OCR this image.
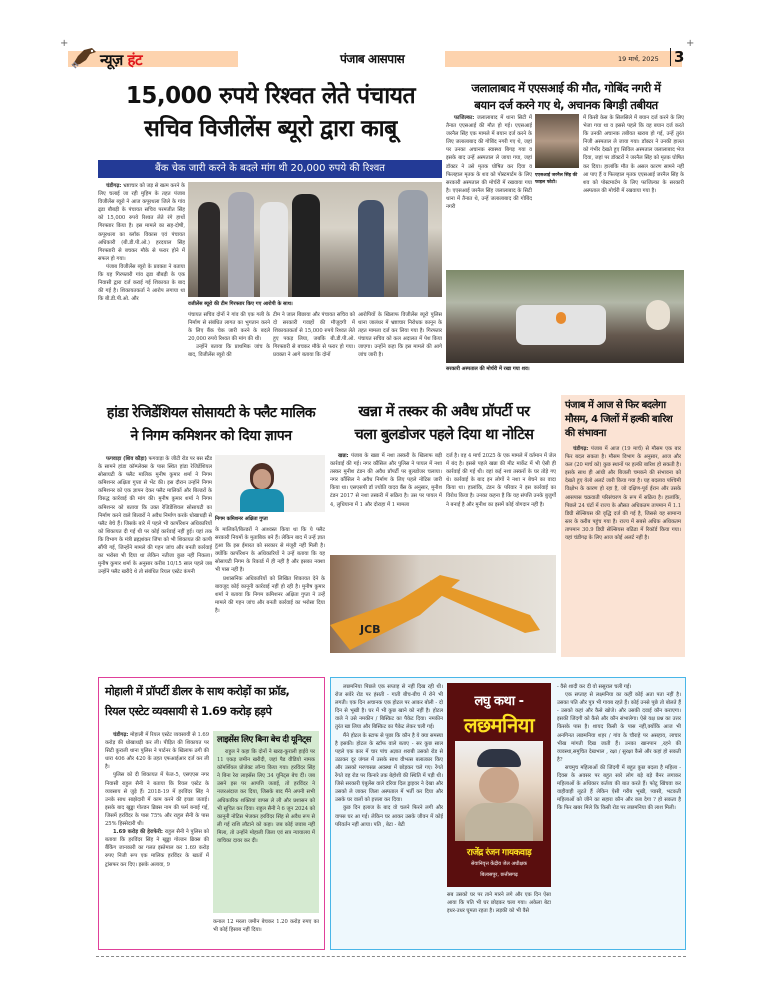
+	+
न्यूज़ हंट	पंजाब आसपास	19 मार्च, 2025 3
15,000 रुपये रिश्वत लेते पंचायत
सचिव विजीलेंस ब्यूरो द्वारा काबू
बैंक चेक जारी करने के बदले मांग थी 20,000 रुपये की रिश्वत

चंडीगढ़: भ्रष्टाचार को जड़ से खत्म करने के लिए चलाई जा रही मुहिम के तहत पंजाब विजीलेंस ब्यूरो ने आज कपूरथला जिले के गांव ढ्डा बौबड़ी के पंचायत सचिव परमजीत सिंह को 15,000 रुपये रिश्वत लेते रंगे हाथों गिरफ्तार किया है। इस मामले का सह-दोषी, कपूरथला का ब्लॉक विकास एवं पंचायत अधिकारी (बी.डी.पी.ओ.) हरदयाल सिंह गिरफ्तारी से बचकर मौके से फरार होने में सफल हो गया।

पंजाब विजीलेंस ब्यूरो के प्रवक्ता ने बताया कि यह गिरफ्तारी गांव ढ्डा बौबड़ी के एक निवासी द्वारा दर्ज कराई गई शिकायत के बाद की गई है। शिकायतकर्ता ने आरोप लगाया था कि बी.डी.पी.ओ. और

वजीलेंस ब्यूरो की टीम गिरफ्तार किए गए आरोपी के साथ।

पंचायत सचिव दोनों ने गांव की एक गली के निर्माण से संबंधित लागत का भुगतान करने के लिए बैंक चेक जारी करने के बदले 20,000 रुपये रिश्वत की मांग की थी।

उन्होंने बताया कि प्राथमिक जांच के बाद, विजीलेंस ब्यूरो की

टीम ने जाल बिछाया और पंचायत सचिव को दो सरकारी गवाहों की मौजूदगी में शिकायतकर्ता से 15,000 रुपये रिश्वत लेते हुए पकड़ लिया, जबकि बी.डी.पी.ओ. गिरफ्तारी से बचकर मौके से फरार हो गया। प्रवक्ता ने आगे बताया कि दोनों

आरोपियों के खिलाफ विजीलेंस ब्यूरो पुलिस थाना जालंधर में भ्रष्टाचार निरोधक कानून के तहत मामला दर्ज कर लिया गया है। गिरफ्तार पंचायत सचिव को कल अदालत में पेश किया जाएगा। उन्होंने कहा कि इस मामले की आगे जांच जारी है।

जलालाबाद में एएसआई की मौत, गोबिंद नगरी में
बयान दर्ज करने गए थे, अचानक बिगड़ी तबीयत

फाजिल्का: जलालाबाद में थाना सिटी में तैनात एएसआई की मौत हो गई। एएसआई जरनैल सिंह एक मामले में बयान दर्ज करने के लिए जलालाबाद की गोबिंद नगरी गए थे, जहां पर उनका अचानक स्वास्थ्य बिगड़ गया व इसके बाद उन्हें अस्पताल ले जाया गया, जहां डॉक्टर ने उसे मृतक घोषित कर दिया व फिलहाल मृतक के शव को पोस्टमार्टम के लिए सरकारी अस्पताल की मोर्चरी में रखवाया गया है। एएसआई जरनैल सिंह जलालाबाद के सिटी थाना में तैनात थे, उन्हें जलालाबाद की गोबिंद नगरी

एएसआई जरनैल सिंह की फाइल फोटो।

में किसी केस के सिलसिले में बयान दर्ज करने के लिए भेजा गया था व इससे पहले कि वह बयान दर्ज करते कि उनकी अचानक तबीयत खराब हो गई, उन्हें तुरंत निजी अस्पताल ले जाया गया। डॉक्टर ने उनकी हालत को गंभीर देखते हुए सिविल अस्पताल जलालाबाद भेज दिया, जहां पर डॉक्टरों ने जरनैल सिंह को मृतक घोषित कर दिया। हालांकि मौत के असल कारण सामने नहीं आ पाए हैं व फिलहाल मृतक एएसआई जरनैल सिंह के शव को पोस्टमार्टम के लिए फाजिल्का के सरकारी अस्पताल की मोर्चरी में रखवाया गया है।

सरकारी अस्पताल की मोर्चरी में रखा गया शव।
हांडा रेजिडेंशियल सोसायटी के फ्लैट मालिक
ने निगम कमिशनर को दिया ज्ञापन

फगवाड़ा (शिव कौड़ा) फगवाड़ा के जीटी रोड पर बस स्टैंड के सामने हांडा कॉम्प्लेक्स के पास स्थित हांडा रेजिडेंशियल सोसायटी के फ्लैट मालिक मुनीष कुमार शर्मा ने निगम कमिशनर अक्षिता गुप्ता से भेंट की। इस दौरान उन्होंने निगम कमिशनर को एक ज्ञापन देकर फ्लैट मालिकों और बिल्डरों के विरुद्ध कार्रवाई की मांग की। मुनीष कुमार शर्मा ने निगम कमिशनर को बताया कि उक्त रेजिडेंशियल सोसायटी का निर्माण करने वाले बिल्डरों ने अवैध निर्माण करके धोखाधड़ी से फ्लैट बेचे हैं। जिसके बारे में पहले भी कार्पोरेशन अधिकारियों को शिकायत दी गई थी पर कोई कार्रवाई नहीं हुई। यहां तक कि विभाग के मंत्री ब्रह्मशंकर जिंपा को भी शिकायत की कापी सौंपी गई, जिन्होंने मामले की गहन जांच और बनती कार्रवाई का भरोसा भी दिया था लेकिन नतीजा कुछ नहीं निकला। मुनीष कुमार शर्मा के अनुसार करीब 10/15 साल पहले जब उन्होंने फ्लैट खरीदे थे तो संबंधित रियल एस्टेट कंपनी

निगम कमिशनर अक्षिता गुप्ता

के मालिकों/बिल्डरों ने आश्वस्त किया था कि ये फ्लैट सरकारी नियमों के मुताबिक बने हैं। लेकिन बाद में उन्हें ज्ञात हुआ कि इस ईमारत को सरकार से मंजूरी नहीं मिली है। क्योंकि कार्पोरेशन के अधिकारियों ने उन्हें बताया कि यह सोसायटी निगम के रिकार्ड में ही नहीं है और इसका नक्शा भी पास नहीं है।

प्रशासनिक अधिकारियों को लिखित शिकायत देने के बावजूद कोई कानूनी कार्रवाई नहीं हो रही है। मुनीष कुमार शर्मा ने बताया कि निगम कमिशनर अक्षिता गुप्ता ने उन्हें मामले की गहन जांच और बनती कार्रवाई का भरोसा दिया है।

खन्ना में तस्कर की अवैध प्रॉपर्टी पर
चला बुलडोजर पहले दिया था नोटिस

खन्ना: पंजाब के खन्ना में नशा तस्करी के खिलाफ बड़ी कार्रवाई की गई। नगर कौंसिल और पुलिस ने पायल में नशा तस्कर मुनीश टंडन की अवैध प्रॉपर्टी पर बुलडोजर चलाया। नगर कौंसिल ने अवैध निर्माण के लिए पहले नोटिस जारी किया था। एसएसपी डॉ ज्योति यादव बैंस के अनुसार, मुनीश टंडन 2017 से नशा तस्करी में सक्रिय है। उस पर पायल में 4, लुधियाना में 1 और दोराहा में 1 मामला

दर्ज है। वह 4 मार्च 2025 के एक मामले में वर्तमान में जेल में बंद है। इससे पहले खन्ना की मीट मार्केट में भी ऐसी ही कार्रवाई की गई थी। वहां कई नशा तस्करों के घर तोड़े गए थे। कार्रवाई के बाद इन लोगों ने नशा न बेचने का वादा किया था। हालांकि, टंडन के परिवार ने इस कार्रवाई का विरोध किया है। उनका कहना है कि यह संपत्ति उनके बुजुर्गों ने बनाई है और मुनीश का इसमें कोई योगदान नहीं है।

JCB
पंजाब में आज से फिर बदलेगा मौसम, 4 जिलों में हल्की बारिश की संभावना

चंडीगढ़: पंजाब में आज (19 मार्च) से मौसम एक बार फिर बदल सकता है। मौसम विभाग के अनुसार, आज और कल (20 मार्च को) कुछ स्थानों पर हल्की बारिश हो सकती है। इसके साथ ही आंधी और बिजली चमकने की संभावना को देखते हुए येलो अलर्ट जारी किया गया है। यह बदलाव पश्चिमी विक्षोभ के कारण हो रहा है, जो दक्षिण-पूर्व ईरान और उसके आसपास चक्रवाती परिसंचरण के रूप में सक्रिय है। हालांकि, पिछले 24 घंटों में राज्य के औसत अधिकतम तापमान में 1.1 डिग्री सेल्सियस की वृद्धि दर्ज की गई है, जिससे यह सामान्य स्तर के करीब पहुंच गया है। राज्य में सबसे अधिक अधिकतम तापमान 30.9 डिग्री सेल्सियस बठिंडा में रिकॉर्ड किया गया। यहां चंडीगढ़ के लिए आज कोई अलर्ट नहीं है।

मोहाली में प्रॉपर्टी डीलर के साथ करोड़ों का फ्रॉड,
रियल एस्टेट व्यवसायी से 1.69 करोड़ हड़पे

चंडीगढ़: मोहाली में रियल एस्टेट व्यवसायी से 1.69 करोड़ की धोखाधड़ी कर ली। पीड़ित की शिकायत पर सिटी कुराली थाना पुलिस ने पार्टनर के खिलाफ ठगी की धारा 406 और 420 के तहत एफआईआर दर्ज कर ली है।

पुलिस को दी शिकायत में फेज-5, एसएएस नगर निवासी राहुल सैनी ने बताया कि रियल एस्टेट के व्यवसाय से जुड़े हैं। 2018-19 में हरविंदर सिंह ने उनके साथ साझेदारी में काम करने की इच्छा जताई। इसके बाद खुड्डा गोल्डन ब्रिक्स नाम की फर्म बनाई गई, जिसमें हरविंदर के पास 75% और राहुल सैनी के पास 25% हिस्सेदारी थी।

1.69 करोड़ की हेराफेरी: राहुल सैनी ने पुलिस को बताया कि हरविंदर सिंह ने खुड्डा गोल्डन ब्रिक्स की बैंकिंग जानकारी का गलत इस्तेमाल कर 1.69 करोड़ रुपए निजी रूप एक मालिक हरविंदर के खातों में ट्रांसफर कर दिए। इसके अलावा, 9

लाइसेंस लिए बिना बेच दी यूनिट्स

राहुल ने कहा कि दोनों ने खरड़-कुराली हाईवे पर 11 एकड़ जमीन खरीदी, जहां पैड वीडियो नामक कॉमर्शियल प्रोजेक्ट लॉन्च किया गया। हरविंदर सिंह ने बिना रेरा लाइसेंस लिए 34 यूनिट्स बेच दीं। जब उसने इस पर आपत्ति जताई, तो हरविंदर ने नजरअंदाज कर दिया, जिसके बाद मैंने अपनी सभी अधिकारिक शक्तियां वापस ले ली और प्रशासन को भी सूचित कर दिया। राहुल सैनी ने 6 जून 2024 को कानूनी नोटिस भेजकर हरविंदर सिंह से अवैध रूप से ली गई राशि लौटाने को कहा। जब कोई जवाब नहीं मिला, तो उन्होंने मोहाली जिला एवं सत्र न्यायालय में याचिका दायर कर दी।

कनाल 12 मरला जमीन बेचकर 1.20 करोड़ रुपए का भी कोई हिसाब नहीं दिया।

लछमनिया पिछले एक सप्ताह से नहीं दिख रही थी। रोज सवेरे रोड पर हंसती - गाती बीच-बीच में रोने भी लगती। एक दिन अचानक एक होटल पर आकर बोली - दो दिन से भूखी है। घर में भी कुछ खाने को नहीं है। होटल वाले ने उसे नमकीन / बिस्किट का पैकेट दिया। नमकीन तुरंत खा लिया और बिस्किट का पैकेट लेकर चली गई।

मैंने होटल के स्टाफ से पूछा कि कौन है ये क्या समस्या है इसकी। होटल के स्टॉफ वाले बताए - सर कुछ साल पहले एक कार में चार पांच अज्ञात शराबी उसको रोड से उठाकर दूर जंगल में उसके साथ वीभत्स बलात्कार किए और उसको मरणासन्न अवस्था में छोड़कर चले गए। रेंगते रेंगते वह रोड पर किनारे तक बेहोशी की स्थिति में पड़ी थी। जिसे सरकारी एंबुलेंस वाले दरिया दिल ड्राइवर ने देखा और उसको ले जाकर जिला अस्पताल में भर्ती कर दिया और उसके घर वालों को इत्तला कर दिया।

कुछ दिन इलाज के बाद वो चलने फिरने लगी और वापस घर आ गई। लेकिन घर आकर उसके जीवन में कोई परिवर्तन नहीं आया। पति , बेटा - बेटी

लघु कथा -
लछमनिया
राजेंद्र रंजन गायकवाड़
सेवानिवृत्त केंद्रीय जेल अधीक्षक
बिलासपुर, छत्तीसगढ़

सब उसको घर पर ताने मारने लगे और एक दिन ऐसा आया कि पति भी घर छोड़कर चला गया। अकेला बेटा इधर-उधर घूमता रहता है। लड़की को भी वैसे

- वैसे शादी कर दी वो ससुराल चली गई।

एक सप्ताह से लक्ष्मनिया का कहीं कोई अता पता नहीं है। उसका पति और पुत्र भी गायब रहते हैं। कोई उनसे पूछे तो बोलते हैं - उसको कहां और कैसे खोजे। और उसकी दवाई कौन कराएगा। इसकी जिंदगी को कैसे और कौन संभालेगा। ऐसे यक्ष प्रश्न का उत्तर किसके पास है। शायद किसी के पास नहीं,क्योंकि आज भी अनगिनत लछमनिया शहर / गांव के चौराहे पर असहाय, लाचार भीख मांगती दिख जाती हैं। उनका खानपान ,रहने की व्यवस्था,समुचित देखभाल , रक्षा / सुरक्षा कैसे और कहां हो सकती है?

सचमुच महिलाओं की जिंदगी में बहुत कुछ बदला है महिला - दिवस के अवसर पर बहुत सारे लोग बड़े बड़े बैनर लगाकर महिलाओं के अधिकार कर्तव्य की बात करते हैं। फोटू खिंचवा कर वाहीवाही लूटते हैं लेकिन ऐसी गरीब भूखी, प्यासी, भटकती महिलाओं को जीने का सहारा कौन और कब देगा ? हो सकता है कि फिर खबर मिले कि किसी रोड पर लछमनिया की लाश मिली।
